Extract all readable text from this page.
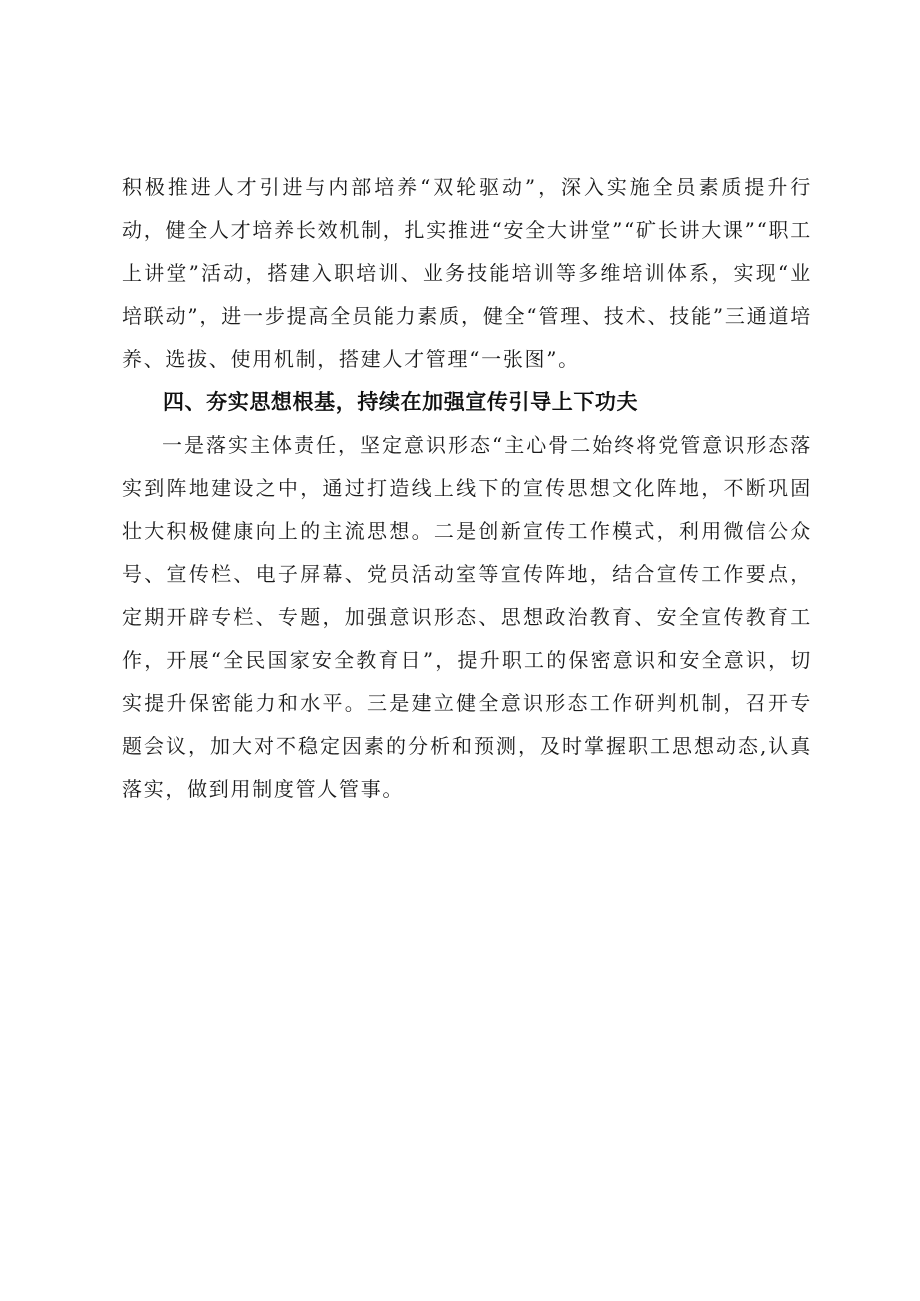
积极推进人才引进与内部培养“双轮驱动”，深入实施全员素质提升行动，健全人才培养长效机制，扎实推进“安全大讲堂”“矿长讲大课”“职工上讲堂”活动，搭建入职培训、业务技能培训等多维培训体系，实现“业培联动”，进一步提高全员能力素质，健全“管理、技术、技能”三通道培养、选拔、使用机制，搭建人才管理“一张图”。

四、夯实思想根基，持续在加强宣传引导上下功夫

一是落实主体责任，坚定意识形态“主心骨二始终将党管意识形态落实到阵地建设之中，通过打造线上线下的宣传思想文化阵地，不断巩固壮大积极健康向上的主流思想。二是创新宣传工作模式，利用微信公众号、宣传栏、电子屏幕、党员活动室等宣传阵地，结合宣传工作要点，定期开辟专栏、专题，加强意识形态、思想政治教育、安全宣传教育工作，开展“全民国家安全教育日”，提升职工的保密意识和安全意识，切实提升保密能力和水平。三是建立健全意识形态工作研判机制，召开专题会议，加大对不稳定因素的分析和预测，及时掌握职工思想动态,认真落实，做到用制度管人管事。
